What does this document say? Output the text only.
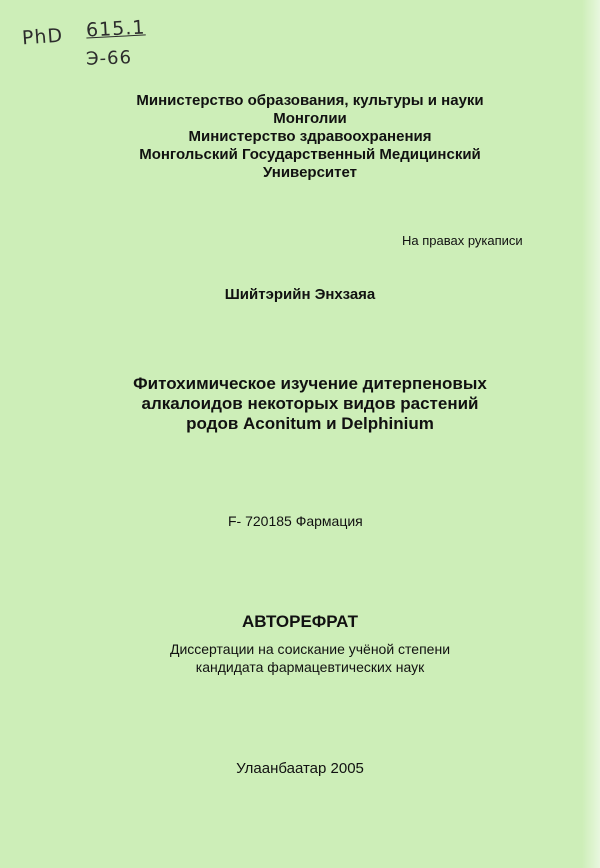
PhD 615.1
Э-66
Министерство образования, культуры и науки
Монголии
Министерство здравоохранения
Монгольский Государственный Медицинский
Университет
На правах рукаписи
Шийтэрийн Энхзаяа
Фитохимическое изучение дитерпеновых
алкалоидов некоторых видов растений
родов Aconitum и Delphinium
F- 720185 Фармация
АВТОРЕФРАТ
Диссертации на соискание учёной степени
кандидата фармацевтических наук
Улаанбаатар 2005
